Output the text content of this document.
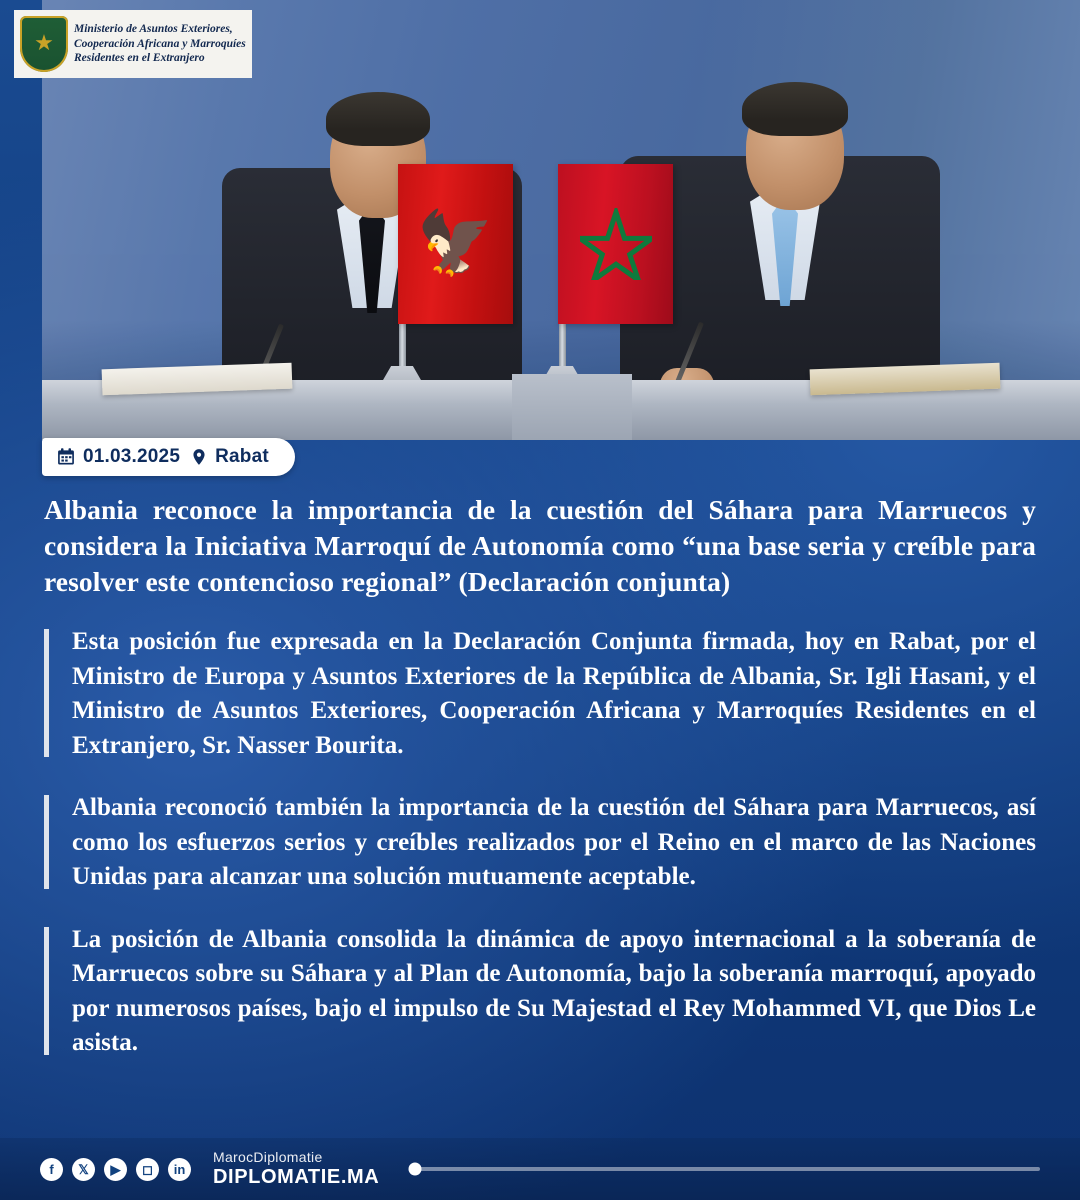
🦅
★
Ministerio de Asuntos Exteriores,
Cooperación Africana y Marroquíes
Residentes en el Extranjero
01.03.2025 Rabat
Albania reconoce la importancia de la cuestión del Sáhara para Marruecos y considera la Iniciativa Marroquí de Autonomía como “una base seria y creíble para resolver este contencioso regional” (Declaración conjunta)

Esta posición fue expresada en la Declaración Conjunta firmada, hoy en Rabat, por el Ministro de Europa y Asuntos Exteriores de la República de Albania, Sr. Igli Hasani, y el Ministro de Asuntos Exteriores, Cooperación Africana y Marroquíes Residentes en el Extranjero, Sr. Nasser Bourita.

Albania reconoció también la importancia de la cuestión del Sáhara para Marruecos, así como los esfuerzos serios y creíbles realizados por el Reino en el marco de las Naciones Unidas para alcanzar una solución mutuamente aceptable.

La posición de Albania consolida la dinámica de apoyo internacional a la soberanía de Marruecos sobre su Sáhara y al Plan de Autonomía, bajo la soberanía marroquí, apoyado por numerosos países, bajo el impulso de Su Majestad el Rey Mohammed VI, que Dios Le asista.

f	𝕏	▶	◻	in
MarocDiplomatie
DIPLOMATIE.MA
